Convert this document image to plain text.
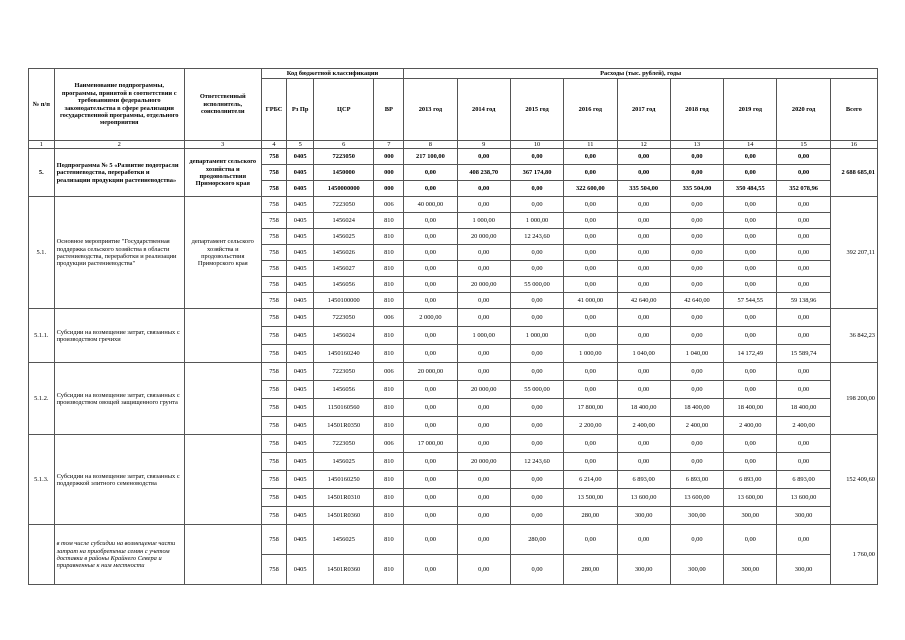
№ п/п	Наименование подпрограммы, программы, принятой в соответствии с требованиями федерального законодательства в сфере реализации государственной программы, отдельного мероприятия	Ответственный исполнитель, соисполнители	Код бюджетной классификации				Расходы (тыс. рублей), годы								
			ГРБС	Рз Пр	ЦСР	ВР	2013 год	2014 год	2015 год	2016 год	2017 год	2018 год	2019 год	2020 год	Всего
1	2	3	4	5	6	7	8	9	10	11	12	13	14	15	16
5.	Подпрограмма № 5 «Развитие подотрасли растениеводства, переработки и реализации продукции растениеводства»	департамент сельского хозяйства и продовольствия Приморского края	758	0405	7223050	000	217 100,00	0,00	0,00	0,00	0,00	0,00	0,00	0,00	2 688 685,01
			758	0405	1450000	000	0,00	408 238,70	367 174,80	0,00	0,00	0,00	0,00	0,00	
			758	0405	1450000000	000	0,00	0,00	0,00	322 600,00	335 504,00	335 504,00	350 484,55	352 078,96	
5.1.	Основное мероприятие "Государственная поддержка сельского хозяйства в области растениеводства, переработки и реализации продукции растениеводства"	департамент сельского хозяйства и продовольствия Приморского края	758	0405	7223050	006	40 000,00	0,00	0,00	0,00	0,00	0,00	0,00	0,00	392 207,11
			758	0405	1456024	810	0,00	1 000,00	1 000,00	0,00	0,00	0,00	0,00	0,00	
			758	0405	1456025	810	0,00	20 000,00	12 243,60	0,00	0,00	0,00	0,00	0,00	
			758	0405	1456026	810	0,00	0,00	0,00	0,00	0,00	0,00	0,00	0,00	
			758	0405	1456027	810	0,00	0,00	0,00	0,00	0,00	0,00	0,00	0,00	
			758	0405	1456056	810	0,00	20 000,00	55 000,00	0,00	0,00	0,00	0,00	0,00	
			758	0405	1450100000	810	0,00	0,00	0,00	41 000,00	42 640,00	42 640,00	57 544,55	59 138,96	
5.1.1.	Субсидии на возмещение затрат, связанных с производством гречихи		758	0405	7223050	006	2 000,00	0,00	0,00	0,00	0,00	0,00	0,00	0,00	36 842,23
			758	0405	1456024	810	0,00	1 000,00	1 000,00	0,00	0,00	0,00	0,00	0,00	
			758	0405	1450160240	810	0,00	0,00	0,00	1 000,00	1 040,00	1 040,00	14 172,49	15 589,74	
5.1.2.	Субсидии на возмещение затрат, связанных с производством овощей защищенного грунта		758	0405	7223050	006	20 000,00	0,00	0,00	0,00	0,00	0,00	0,00	0,00	198 200,00
			758	0405	1456056	810	0,00	20 000,00	55 000,00	0,00	0,00	0,00	0,00	0,00	
			758	0405	1150160560	810	0,00	0,00	0,00	17 800,00	18 400,00	18 400,00	18 400,00	18 400,00	
			758	0405	14501R0350	810	0,00	0,00	0,00	2 200,00	2 400,00	2 400,00	2 400,00	2 400,00	
5.1.3.	Субсидии на возмещение затрат, связанных с поддержкой элитного семеноводства		758	0405	7223050	006	17 000,00	0,00	0,00	0,00	0,00	0,00	0,00	0,00	152 409,60
			758	0405	1456025	810	0,00	20 000,00	12 243,60	0,00	0,00	0,00	0,00	0,00	
			758	0405	1450160250	810	0,00	0,00	0,00	6 214,00	6 893,00	6 893,00	6 893,00	6 893,00	
			758	0405	14501R0310	810	0,00	0,00	0,00	13 500,00	13 600,00	13 600,00	13 600,00	13 600,00	
			758	0405	14501R0360	810	0,00	0,00	0,00	280,00	300,00	300,00	300,00	300,00	
	в том числе субсидии на возмещение части затрат на приобретение семян с учетом доставки в районы Крайнего Севера и приравненные к ним местности		758	0405	1456025	810	0,00	0,00	280,00	0,00	0,00	0,00	0,00	0,00	1 760,00
			758	0405	14501R0360	810	0,00	0,00	0,00	280,00	300,00	300,00	300,00	300,00	
